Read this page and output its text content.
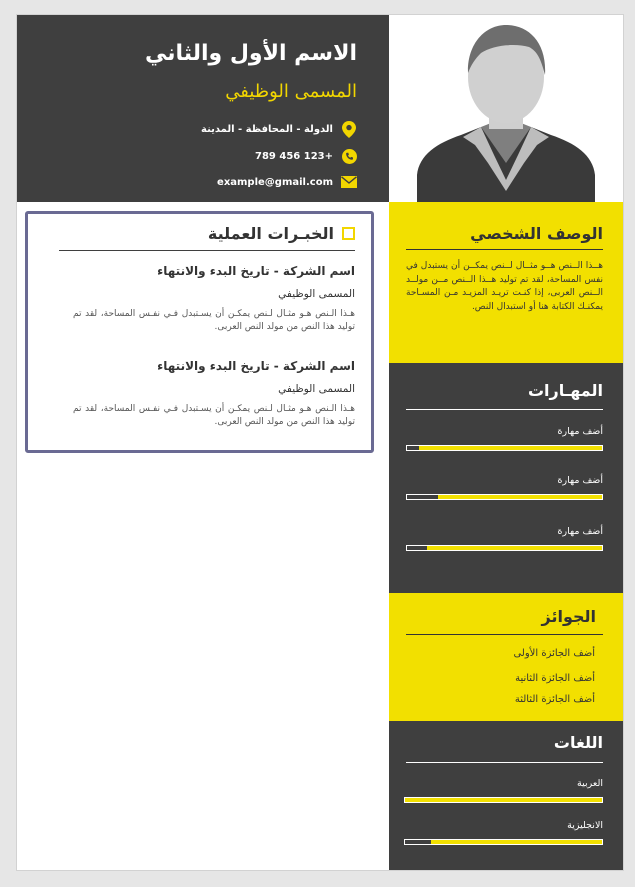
الاسم الأول والثاني
المسمى الوظيفي
الدولة - المحافظة - المدينة
+123 456 789
example@gmail.com
الخبـرات العملية
اسم الشركة - تاريخ البدء والانتهاء
المسمى الوظيفي
هـذا الـنص هـو مثـال لـنص يمكـن أن يسـتبدل فـي نفـس المساحة، لقد تم توليد هذا النص من مولد النص العربى.
اسم الشركة - تاريخ البدء والانتهاء
المسمى الوظيفي
هـذا الـنص هـو مثـال لـنص يمكـن أن يسـتبدل فـي نفـس المساحة، لقد تم توليد هذا النص من مولد النص العربى.
الوصف الشخصي
هــذا الــنص هــو مثــال لــنص يمكــن أن يستبدل في نفس المساحة، لقد تم توليد هــذا الــنص مــن مولــد الــنص العربى، إذا كنـت تريـد المزيـد مـن المسـاحة يمكنـك الكتابة هنا أو استبدال النص.
المهـارات
أضف مهارة
أضف مهارة
أضف مهارة
الجوائز
أضف الجائزة الأولى
أضف الجائزة الثانية
أضف الجائزة الثالثة
اللغات
العربية
الانجليزية
